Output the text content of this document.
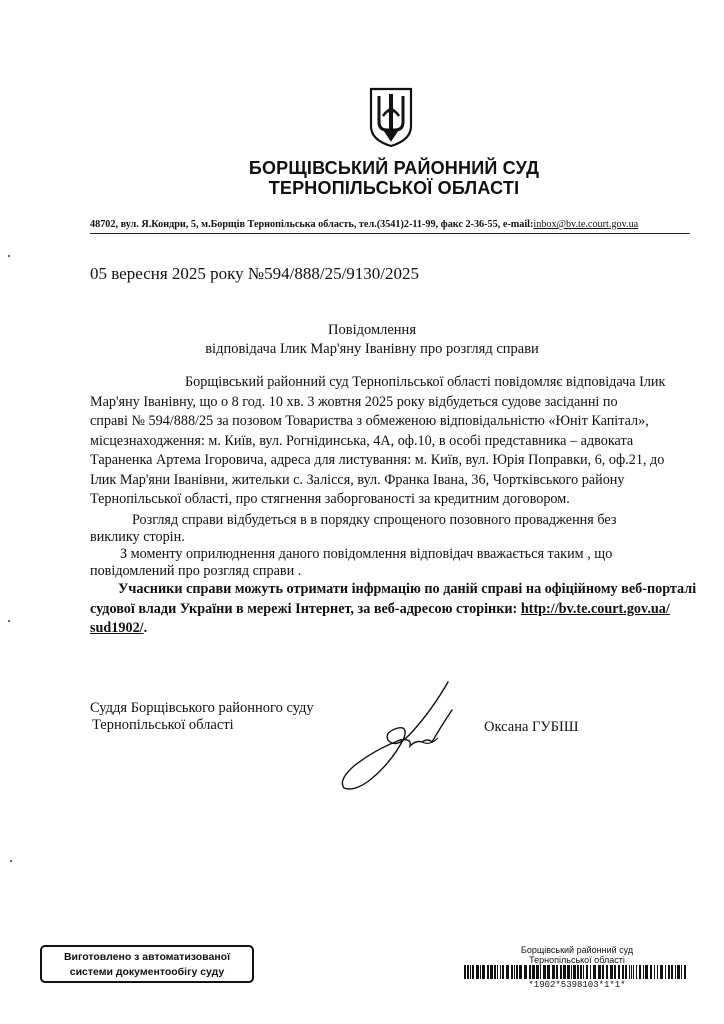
БОРЩІВСЬКИЙ РАЙОННИЙ СУД
ТЕРНОПІЛЬСЬКОЇ ОБЛАСТІ
48702, вул. Я.Кондри, 5, м.Борщів Тернопільська область, тел.(3541)2-11-99, факс 2-36-55, e-mail:inbox@bv.te.court.gov.ua
05 вересня 2025 року №594/888/25/9130/2025
Повідомлення
відповідача Ілик Мар'яну Іванівну про розгляд справи
Борщівський районний суд Тернопільської області повідомляє відповідача Ілик
Мар'яну Іванівну, що о 8 год. 10 хв. 3 жовтня 2025 року відбудеться судове засіданні по
справі № 594/888/25 за позовом Товариства з обмеженою відповідальністю «Юніт Капітал»,
місцезнаходження: м. Київ, вул. Рогнідинська, 4А, оф.10, в особі представника – адвоката
Тараненка Артема Ігоровича, адреса для листування: м. Київ, вул. Юрія Поправки, 6, оф.21, до
Ілик Мар'яни Іванівни, жительки с. Залісся, вул. Франка Івана, 36, Чортківського району
Тернопільської області, про стягнення заборгованості за кредитним договором.
Розгляд справи відбудеться в в порядку спрощеного позовного провадження без
виклику сторін.
З моменту оприлюднення даного повідомлення відповідач вважається таким , що
повідомлений про розгляд справи .
Учасники справи можуть отримати інфрмацію по даній справі на офіційному веб-порталі
судової влади України в мережі Інтернет, за веб-адресою сторінки: http://bv.te.court.gov.ua/
sud1902/.
Суддя Борщівського районного суду
Тернопільської області	Оксана ГУБІШ
Виготовлено з автоматизованої
системи документообігу суду
Борщівський районний суд
Тернопільської області
*1902*5398103*1*1*
